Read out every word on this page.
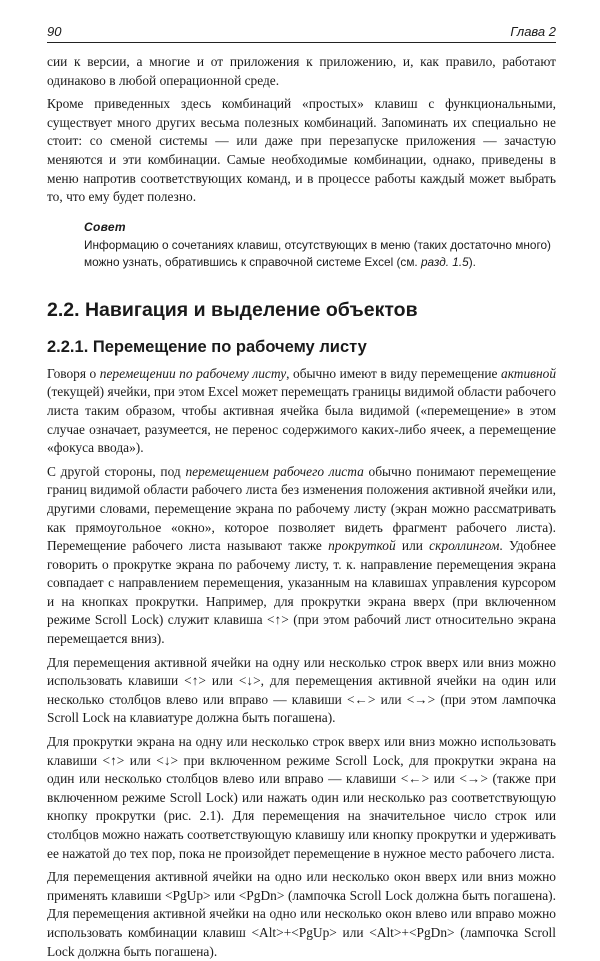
90	Глава 2

сии к версии, а многие и от приложения к приложению, и, как правило, работают одинаково в любой операционной среде.

Кроме приведенных здесь комбинаций «простых» клавиш с функциональными, существует много других весьма полезных комбинаций. Запоминать их специально не стоит: со сменой системы — или даже при перезапуске приложения — зачастую меняются и эти комбинации. Самые необходимые комбинации, однако, приведены в меню напротив соответствующих команд, и в процессе работы каждый может выбрать то, что ему будет полезно.

Совет
Информацию о сочетаниях клавиш, отсутствующих в меню (таких достаточно много) можно узнать, обратившись к справочной системе Excel (см. разд. 1.5).
2.2. Навигация и выделение объектов
2.2.1. Перемещение по рабочему листу

Говоря о перемещении по рабочему листу, обычно имеют в виду перемещение активной (текущей) ячейки, при этом Excel может перемещать границы видимой области рабочего листа таким образом, чтобы активная ячейка была видимой («перемещение» в этом случае означает, разумеется, не перенос содержимого каких-либо ячеек, а перемещение «фокуса ввода»).

С другой стороны, под перемещением рабочего листа обычно понимают перемещение границ видимой области рабочего листа без изменения положения активной ячейки или, другими словами, перемещение экрана по рабочему листу (экран можно рассматривать как прямоугольное «окно», которое позволяет видеть фрагмент рабочего листа). Перемещение рабочего листа называют также прокруткой или скроллингом. Удобнее говорить о прокрутке экрана по рабочему листу, т. к. направление перемещения экрана совпадает с направлением перемещения, указанным на клавишах управления курсором и на кнопках прокрутки. Например, для прокрутки экрана вверх (при включенном режиме Scroll Lock) служит клавиша <↑> (при этом рабочий лист относительно экрана перемещается вниз).

Для перемещения активной ячейки на одну или несколько строк вверх или вниз можно использовать клавиши <↑> или <↓>, для перемещения активной ячейки на один или несколько столбцов влево или вправо — клавиши <←> или <→> (при этом лампочка Scroll Lock на клавиатуре должна быть погашена).

Для прокрутки экрана на одну или несколько строк вверх или вниз можно использовать клавиши <↑> или <↓> при включенном режиме Scroll Lock, для прокрутки экрана на один или несколько столбцов влево или вправо — клавиши <←> или <→> (также при включенном режиме Scroll Lock) или нажать один или несколько раз соответствующую кнопку прокрутки (рис. 2.1). Для перемещения на значительное число строк или столбцов можно нажать соответствующую клавишу или кнопку прокрутки и удерживать ее нажатой до тех пор, пока не произойдет перемещение в нужное место рабочего листа.

Для перемещения активной ячейки на одно или несколько окон вверх или вниз можно применять клавиши <PgUp> или <PgDn> (лампочка Scroll Lock должна быть погашена). Для перемещения активной ячейки на одно или несколько окон влево или вправо можно использовать комбинации клавиш <Alt>+<PgUp> или <Alt>+<PgDn> (лампочка Scroll Lock должна быть погашена).
